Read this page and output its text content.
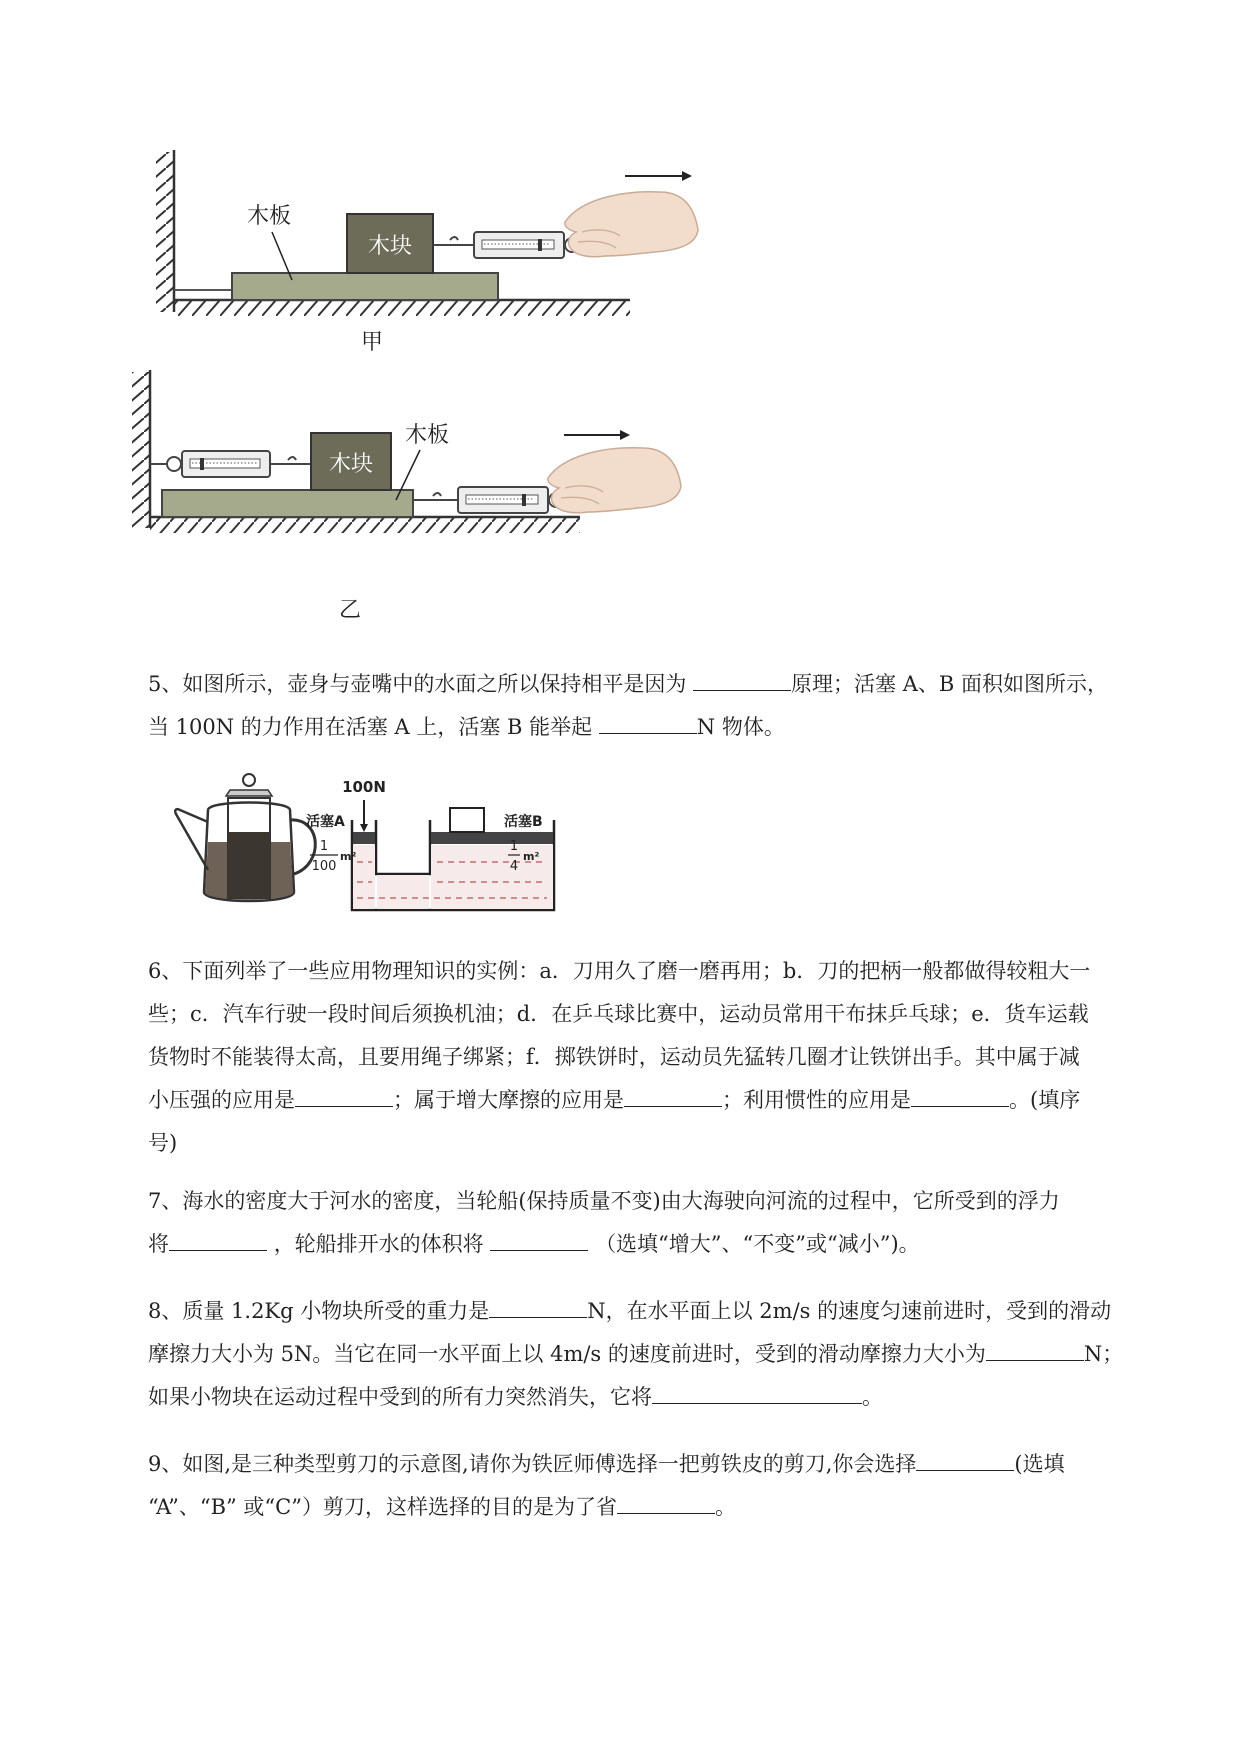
木块
木板
甲
木块
木板
乙

5、如图所示，壶身与壶嘴中的水面之所以保持相平是因为	原理；活塞 A、B 面积如图所示，

当 100N 的力作用在活塞 A 上，活塞 B 能举起	N 物体。

100N
活塞A	活塞B
1
100
m²
1
4
m²

6、下面列举了一些应用物理知识的实例：a．刀用久了磨一磨再用；b．刀的把柄一般都做得较粗大一

些；c．汽车行驶一段时间后须换机油；d．在乒乓球比赛中，运动员常用干布抹乒乓球；e．货车运载

货物时不能装得太高，且要用绳子绑紧；f．掷铁饼时，运动员先猛转几圈才让铁饼出手。其中属于减

小压强的应用是	；属于增大摩擦的应用是	；利用惯性的应用是	。(填序

号)

7、海水的密度大于河水的密度，当轮船(保持质量不变)由大海驶向河流的过程中，它所受到的浮力

将	，轮船排开水的体积将	（选填“增大”、“不变”或“减小”)。

8、质量 1.2Kg 小物块所受的重力是	N，在水平面上以 2m/s 的速度匀速前进时，受到的滑动

摩擦力大小为 5N。当它在同一水平面上以 4m/s 的速度前进时，受到的滑动摩擦力大小为	N；

如果小物块在运动过程中受到的所有力突然消失，它将	。

9、如图,是三种类型剪刀的示意图,请你为铁匠师傅选择一把剪铁皮的剪刀,你会选择	(选填

“A”、“B” 或“C”）剪刀，这样选择的目的是为了省	。
